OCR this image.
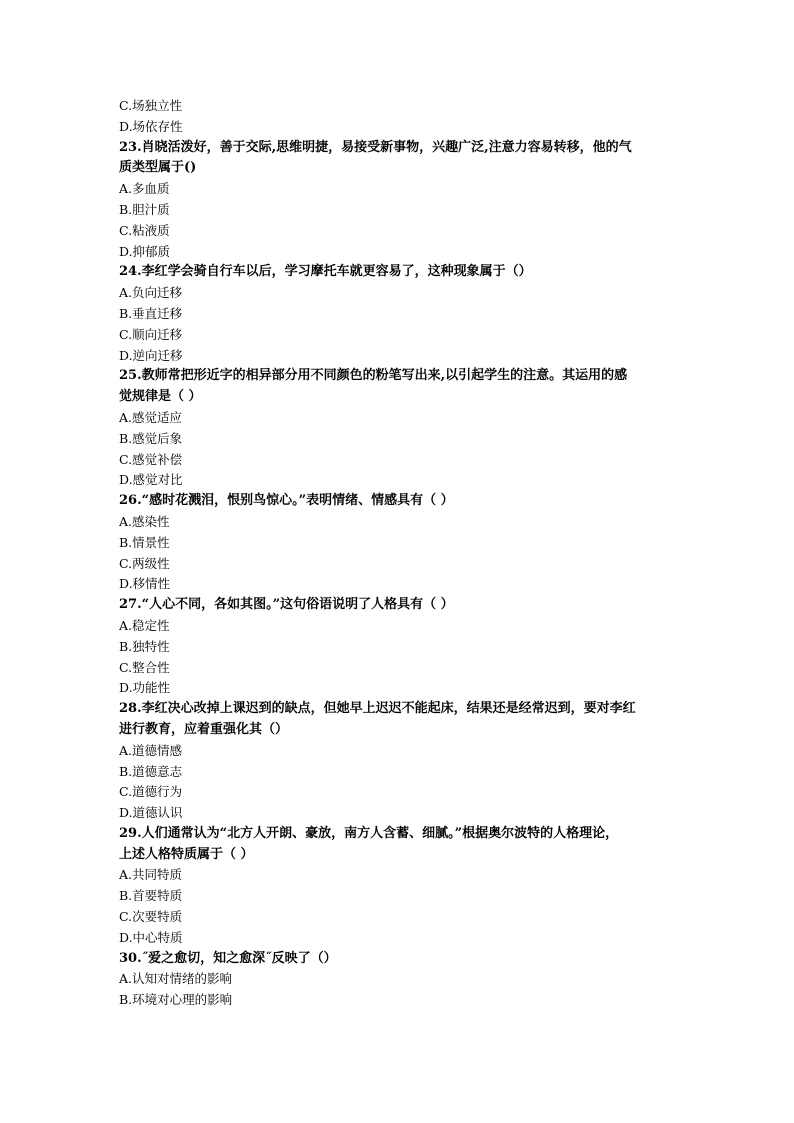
C.场独立性
D.场依存性
23.肖晓活泼好，善于交际,思维明捷，易接受新事物，兴趣广泛,注意力容易转移，他的气
质类型属于()
A.多血质
B.胆汁质
C.粘液质
D.抑郁质
24.李红学会骑自行车以后，学习摩托车就更容易了，这种现象属于（）
A.负向迁移
B.垂直迁移
C.顺向迁移
D.逆向迁移
25.教师常把形近字的相异部分用不同颜色的粉笔写出来,以引起学生的注意。其运用的感
觉规律是（ ）
A.感觉适应
B.感觉后象
C.感觉补偿
D.感觉对比
26.“感时花溅泪，恨别鸟惊心。”表明情绪、情感具有（ ）
A.感染性
B.情景性
C.两级性
D.移情性
27.“人心不同，各如其图。”这句俗语说明了人格具有（ ）
A.稳定性
B.独特性
C.整合性
D.功能性
28.李红决心改掉上课迟到的缺点，但她早上迟迟不能起床，结果还是经常迟到，要对李红
进行教育，应着重强化其（）
A.道德情感
B.道德意志
C.道德行为
D.道德认识
29.人们通常认为“北方人开朗、豪放，南方人含蓄、细腻。”根据奥尔波特的人格理论，
上述人格特质属于（ ）
A.共同特质
B.首要特质
C.次要特质
D.中心特质
30.˝爱之愈切，知之愈深˝反映了（）
A.认知对情绪的影响
B.环境对心理的影响
